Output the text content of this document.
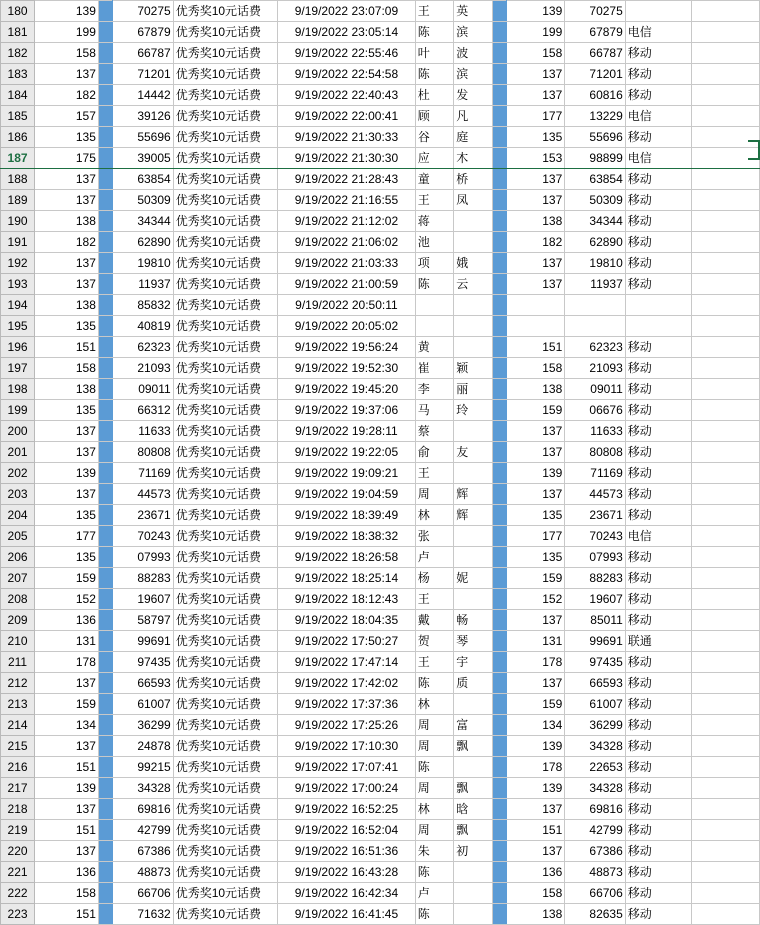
180	139		70275	优秀奖10元话费	9/19/2022 23:07:09	王	英		139	70275		
181	199		67879	优秀奖10元话费	9/19/2022 23:05:14	陈	滨		199	67879	电信	
182	158		66787	优秀奖10元话费	9/19/2022 22:55:46	叶	波		158	66787	移动	
183	137		71201	优秀奖10元话费	9/19/2022 22:54:58	陈	滨		137	71201	移动	
184	182		14442	优秀奖10元话费	9/19/2022 22:40:43	杜	发		137	60816	移动	
185	157		39126	优秀奖10元话费	9/19/2022 22:00:41	顾	凡		177	13229	电信	
186	135		55696	优秀奖10元话费	9/19/2022 21:30:33	谷	庭		135	55696	移动	
187	175		39005	优秀奖10元话费	9/19/2022 21:30:30	应	木		153	98899	电信	
188	137		63854	优秀奖10元话费	9/19/2022 21:28:43	童	桥		137	63854	移动	
189	137		50309	优秀奖10元话费	9/19/2022 21:16:55	王	凤		137	50309	移动	
190	138		34344	优秀奖10元话费	9/19/2022 21:12:02	蒋			138	34344	移动	
191	182		62890	优秀奖10元话费	9/19/2022 21:06:02	池			182	62890	移动	
192	137		19810	优秀奖10元话费	9/19/2022 21:03:33	项	娥		137	19810	移动	
193	137		11937	优秀奖10元话费	9/19/2022 21:00:59	陈	云		137	11937	移动	
194	138		85832	优秀奖10元话费	9/19/2022 20:50:11							
195	135		40819	优秀奖10元话费	9/19/2022 20:05:02							
196	151		62323	优秀奖10元话费	9/19/2022 19:56:24	黄			151	62323	移动	
197	158		21093	优秀奖10元话费	9/19/2022 19:52:30	崔	颖		158	21093	移动	
198	138		09011	优秀奖10元话费	9/19/2022 19:45:20	李	丽		138	09011	移动	
199	135		66312	优秀奖10元话费	9/19/2022 19:37:06	马	玲		159	06676	移动	
200	137		11633	优秀奖10元话费	9/19/2022 19:28:11	蔡			137	11633	移动	
201	137		80808	优秀奖10元话费	9/19/2022 19:22:05	俞	友		137	80808	移动	
202	139		71169	优秀奖10元话费	9/19/2022 19:09:21	王			139	71169	移动	
203	137		44573	优秀奖10元话费	9/19/2022 19:04:59	周	辉		137	44573	移动	
204	135		23671	优秀奖10元话费	9/19/2022 18:39:49	林	辉		135	23671	移动	
205	177		70243	优秀奖10元话费	9/19/2022 18:38:32	张			177	70243	电信	
206	135		07993	优秀奖10元话费	9/19/2022 18:26:58	卢			135	07993	移动	
207	159		88283	优秀奖10元话费	9/19/2022 18:25:14	杨	妮		159	88283	移动	
208	152		19607	优秀奖10元话费	9/19/2022 18:12:43	王			152	19607	移动	
209	136		58797	优秀奖10元话费	9/19/2022 18:04:35	戴	畅		137	85011	移动	
210	131		99691	优秀奖10元话费	9/19/2022 17:50:27	贺	琴		131	99691	联通	
211	178		97435	优秀奖10元话费	9/19/2022 17:47:14	王	宇		178	97435	移动	
212	137		66593	优秀奖10元话费	9/19/2022 17:42:02	陈	质		137	66593	移动	
213	159		61007	优秀奖10元话费	9/19/2022 17:37:36	林			159	61007	移动	
214	134		36299	优秀奖10元话费	9/19/2022 17:25:26	周	富		134	36299	移动	
215	137		24878	优秀奖10元话费	9/19/2022 17:10:30	周	飘		139	34328	移动	
216	151		99215	优秀奖10元话费	9/19/2022 17:07:41	陈			178	22653	移动	
217	139		34328	优秀奖10元话费	9/19/2022 17:00:24	周	飘		139	34328	移动	
218	137		69816	优秀奖10元话费	9/19/2022 16:52:25	林	晗		137	69816	移动	
219	151		42799	优秀奖10元话费	9/19/2022 16:52:04	周	飘		151	42799	移动	
220	137		67386	优秀奖10元话费	9/19/2022 16:51:36	朱	初		137	67386	移动	
221	136		48873	优秀奖10元话费	9/19/2022 16:43:28	陈			136	48873	移动	
222	158		66706	优秀奖10元话费	9/19/2022 16:42:34	卢			158	66706	移动	
223	151		71632	优秀奖10元话费	9/19/2022 16:41:45	陈			138	82635	移动	
